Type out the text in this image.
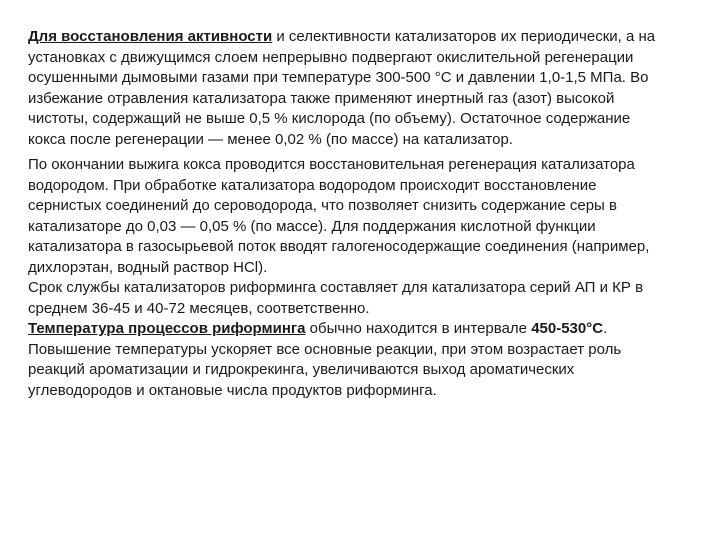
Для восстановления активности и селективности катализаторов их периодически, а на
установках с движущимся слоем непрерывно подвергают окислительной регенерации
осушенными дымовыми газами при температуре 300-500 °С и давлении 1,0-1,5 МПа. Во
избежание отравления катализатора также применяют инертный газ (азот) высокой
чистоты, содержащий не выше 0,5 % кислорода (по объему). Остаточное содержание
кокса после регенерации — менее 0,02 % (по массе) на катализатор.

По окончании выжига кокса проводится восстановительная регенерация катализатора
водородом. При обработке катализатора водородом происходит восстановление
сернистых соединений до сероводорода, что позволяет снизить содержание серы в
катализаторе до 0,03 — 0,05 % (по массе). Для поддержания кислотной функции
катализатора в газосырьевой поток вводят галогеносодержащие соединения (например,
дихлорэтан, водный раствор НСl).
Срок службы катализаторов риформинга составляет для катализатора серий АП и КР в
среднем 36-45 и 40-72 месяцев, соответственно.

Температура процессов риформинга обычно находится в интервале 450-530°С.
Повышение температуры ускоряет все основные реакции, при этом возрастает роль
реакций ароматизации и гидрокрекинга, увеличиваются выход ароматических
углеводородов и октановые числа продуктов риформинга.
